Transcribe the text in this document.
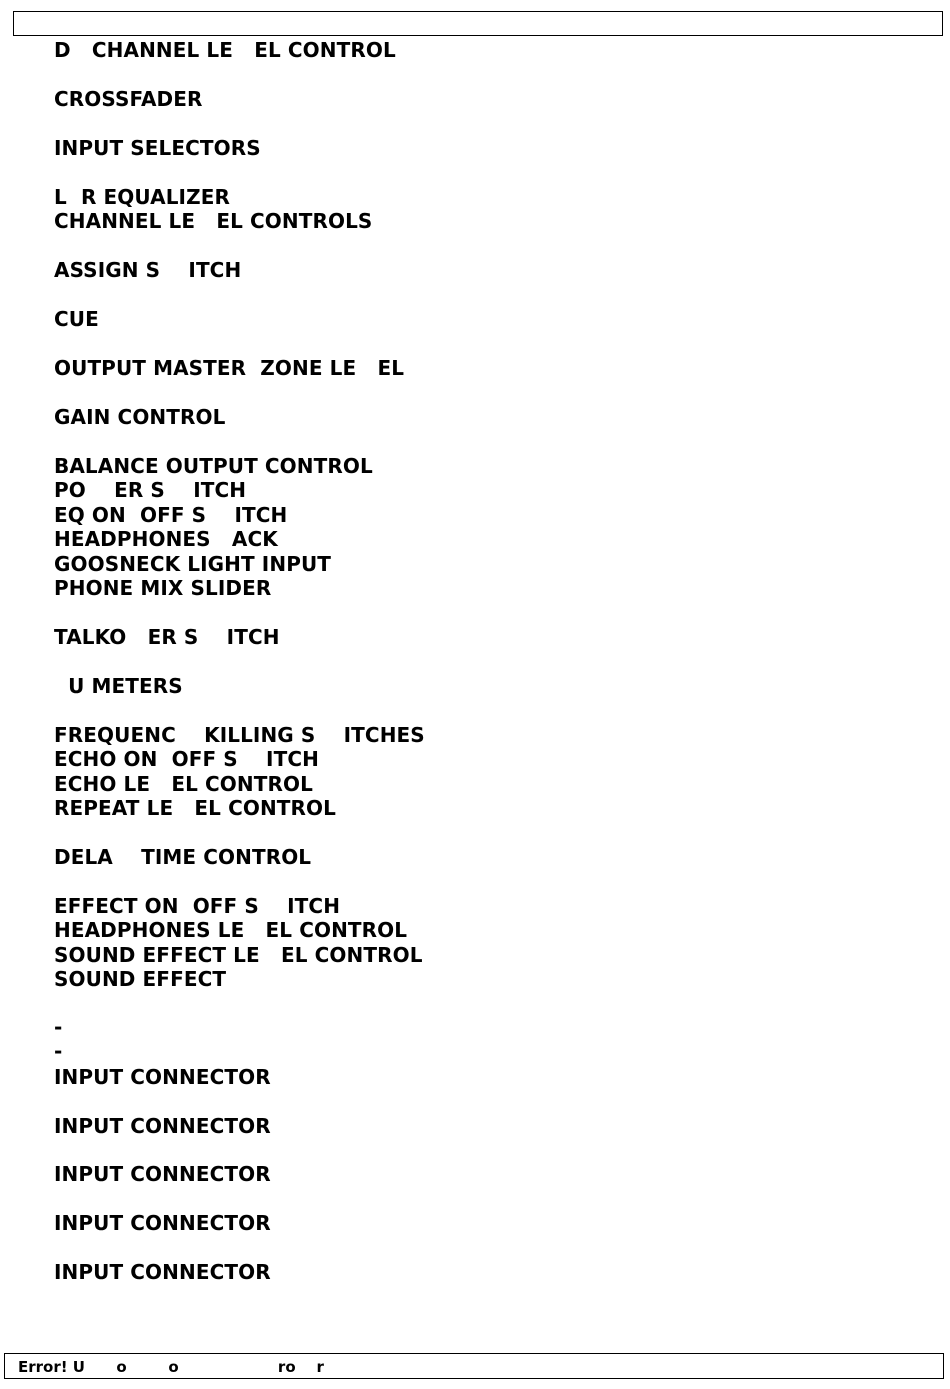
D   CHANNEL LE   EL CONTROL
CROSSFADER
INPUT SELECTORS
L  R EQUALIZER
CHANNEL LE   EL CONTROLS
ASSIGN S    ITCH
CUE
OUTPUT MASTER  ZONE LE   EL
GAIN CONTROL
BALANCE OUTPUT CONTROL
PO    ER S    ITCH
EQ ON  OFF S    ITCH
HEADPHONES   ACK
GOOSNECK LIGHT INPUT
PHONE MIX SLIDER
TALKO   ER S    ITCH
U METERS
FREQUENC    KILLING S    ITCHES
ECHO ON  OFF S    ITCH
ECHO LE   EL CONTROL
REPEAT LE   EL CONTROL
DELA    TIME CONTROL
EFFECT ON  OFF S    ITCH
HEADPHONES LE   EL CONTROL
SOUND EFFECT LE   EL CONTROL
SOUND EFFECT
-
-
INPUT CONNECTOR
INPUT CONNECTOR
INPUT CONNECTOR
INPUT CONNECTOR
INPUT CONNECTOR
Error! U      o        o                   ro    r
